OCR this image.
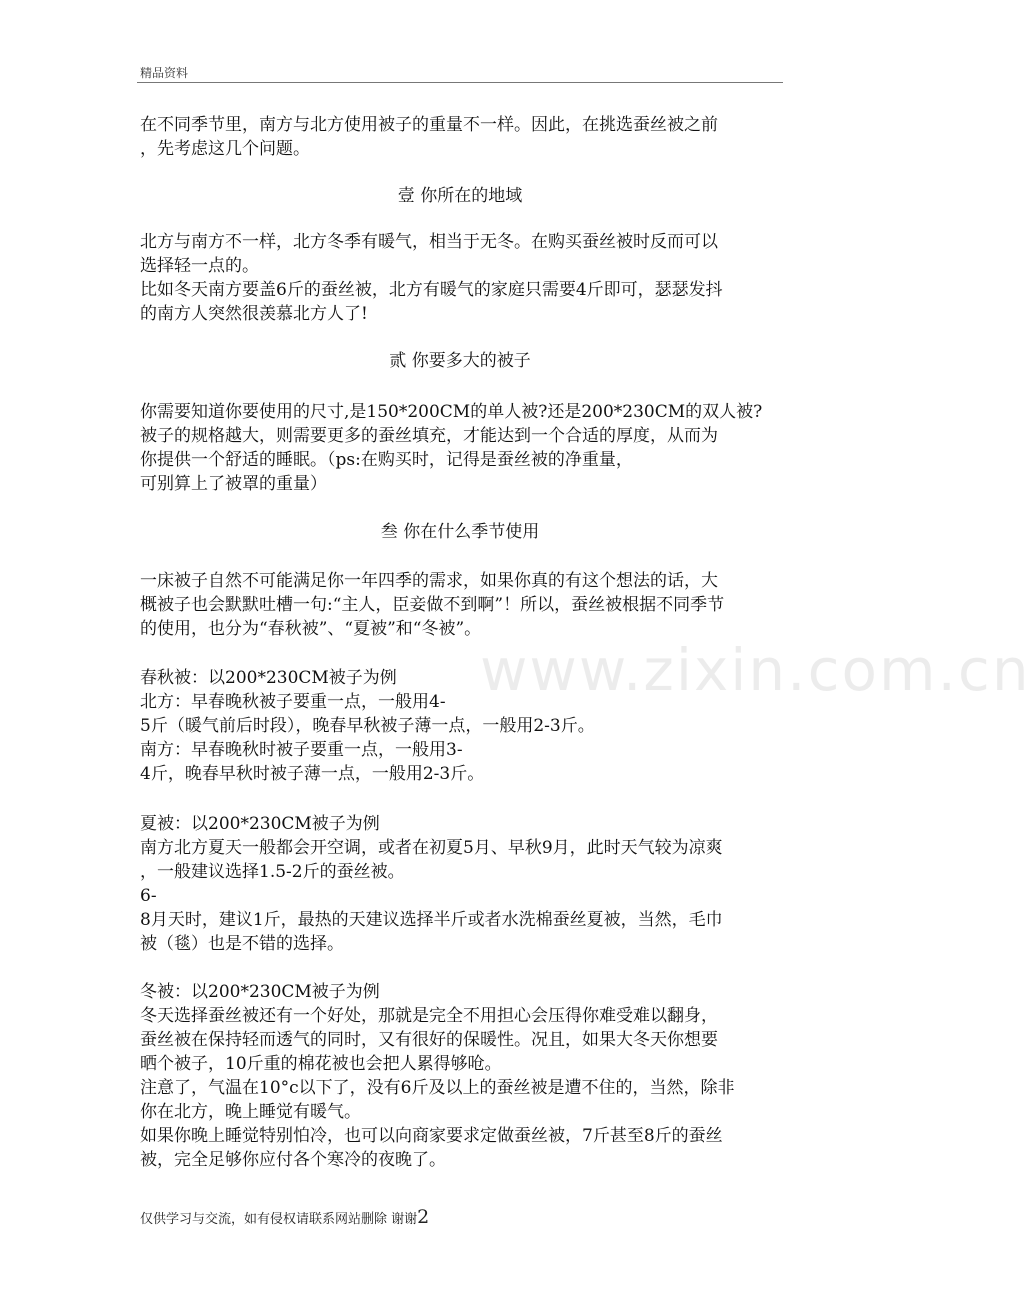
精品资料
www.zixin.com.cn
在不同季节里，南方与北方使用被子的重量不一样。因此，在挑选蚕丝被之前
，先考虑这几个问题。
壹 你所在的地域
北方与南方不一样，北方冬季有暖气，相当于无冬。在购买蚕丝被时反而可以
选择轻一点的。
比如冬天南方要盖6斤的蚕丝被，北方有暖气的家庭只需要4斤即可，瑟瑟发抖
的南方人突然很羡慕北方人了!
贰 你要多大的被子
你需要知道你要使用的尺寸,是150*200CM的单人被?还是200*230CM的双人被?
被子的规格越大，则需要更多的蚕丝填充，才能达到一个合适的厚度，从而为
你提供一个舒适的睡眠。（ps:在购买时，记得是蚕丝被的净重量，
可别算上了被罩的重量）
叁 你在什么季节使用
一床被子自然不可能满足你一年四季的需求，如果你真的有这个想法的话，大
概被子也会默默吐槽一句:“主人，臣妾做不到啊”！所以，蚕丝被根据不同季节
的使用，也分为“春秋被”、“夏被”和“冬被”。
春秋被：以200*230CM被子为例
北方：早春晚秋被子要重一点，一般用4-
5斤（暖气前后时段），晚春早秋被子薄一点，一般用2-3斤。
南方：早春晚秋时被子要重一点，一般用3-
4斤，晚春早秋时被子薄一点，一般用2-3斤。
夏被：以200*230CM被子为例
南方北方夏天一般都会开空调，或者在初夏5月、早秋9月，此时天气较为凉爽
，一般建议选择1.5-2斤的蚕丝被。
6-
8月天时，建议1斤，最热的天建议选择半斤或者水洗棉蚕丝夏被，当然，毛巾
被（毯）也是不错的选择。
冬被：以200*230CM被子为例
冬天选择蚕丝被还有一个好处，那就是完全不用担心会压得你难受难以翻身，
蚕丝被在保持轻而透气的同时，又有很好的保暖性。况且，如果大冬天你想要
晒个被子，10斤重的棉花被也会把人累得够呛。
注意了，气温在10°c以下了，没有6斤及以上的蚕丝被是遭不住的，当然，除非
你在北方，晚上睡觉有暖气。
如果你晚上睡觉特别怕冷，也可以向商家要求定做蚕丝被，7斤甚至8斤的蚕丝
被，完全足够你应付各个寒冷的夜晚了。
仅供学习与交流，如有侵权请联系网站删除 谢谢2
